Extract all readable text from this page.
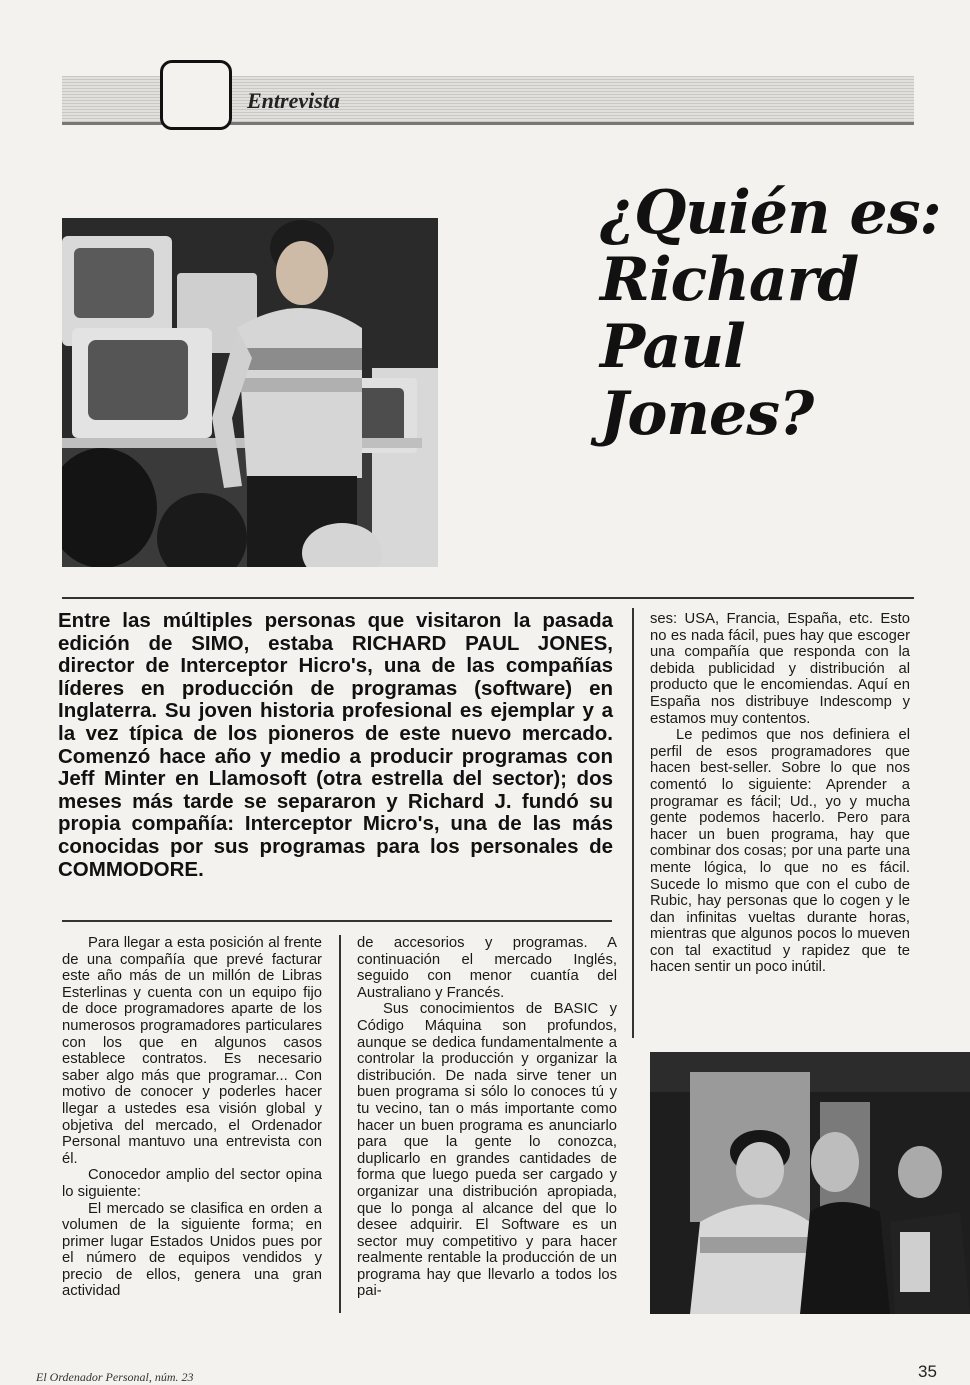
Entrevista
¿Quién es:
Richard
Paul
Jones?
Entre las múltiples personas que visitaron la pasada edición de SIMO, estaba RICHARD PAUL JONES, director de Interceptor Hicro's, una de las compañías líderes en producción de programas (software) en Inglaterra. Su joven historia profesional es ejemplar y a la vez típica de los pioneros de este nuevo mercado. Comenzó hace año y medio a producir programas con Jeff Minter en Llamosoft (otra estrella del sector); dos meses más tarde se separaron y Richard J. fundó su propia compañía: Interceptor Micro's, una de las más conocidas por sus programas para los personales de COMMODORE.

Para llegar a esta posición al frente de una compañía que prevé facturar este año más de un millón de Libras Esterlinas y cuenta con un equipo fijo de doce programadores aparte de los numerosos programadores particulares con los que en algunos casos establece contratos. Es necesario saber algo más que programar... Con motivo de conocer y poderles hacer llegar a ustedes esa visión global y objetiva del mercado, el Ordenador Personal mantuvo una entrevista con él.

Conocedor amplio del sector opina lo siguiente:

El mercado se clasifica en orden a volumen de la siguiente forma; en primer lugar Estados Unidos pues por el número de equipos vendidos y precio de ellos, genera una gran actividad

de accesorios y programas. A continuación el mercado Inglés, seguido con menor cuantía del Australiano y Francés.

Sus conocimientos de BASIC y Código Máquina son profundos, aunque se dedica fundamentalmente a controlar la producción y organizar la distribución. De nada sirve tener un buen programa si sólo lo conoces tú y tu vecino, tan o más importante como hacer un buen programa es anunciarlo para que la gente lo conozca, duplicarlo en grandes cantidades de forma que luego pueda ser cargado y organizar una distribución apropiada, que lo ponga al alcance del que lo desee adquirir. El Software es un sector muy competitivo y para hacer realmente rentable la producción de un programa hay que llevarlo a todos los pai-

ses: USA, Francia, España, etc. Esto no es nada fácil, pues hay que escoger una compañía que responda con la debida publicidad y distribución al producto que le encomiendas. Aquí en España nos distribuye Indescomp y estamos muy contentos.

Le pedimos que nos definiera el perfil de esos programadores que hacen best-seller. Sobre lo que nos comentó lo siguiente: Aprender a programar es fácil; Ud., yo y mucha gente podemos hacerlo. Pero para hacer un buen programa, hay que combinar dos cosas; por una parte una mente lógica, lo que no es fácil. Sucede lo mismo que con el cubo de Rubic, hay personas que lo cogen y le dan infinitas vueltas durante horas, mientras que algunos pocos lo mueven con tal exactitud y rapidez que te hacen sentir un poco inútil.

El Ordenador Personal, núm. 23	35
